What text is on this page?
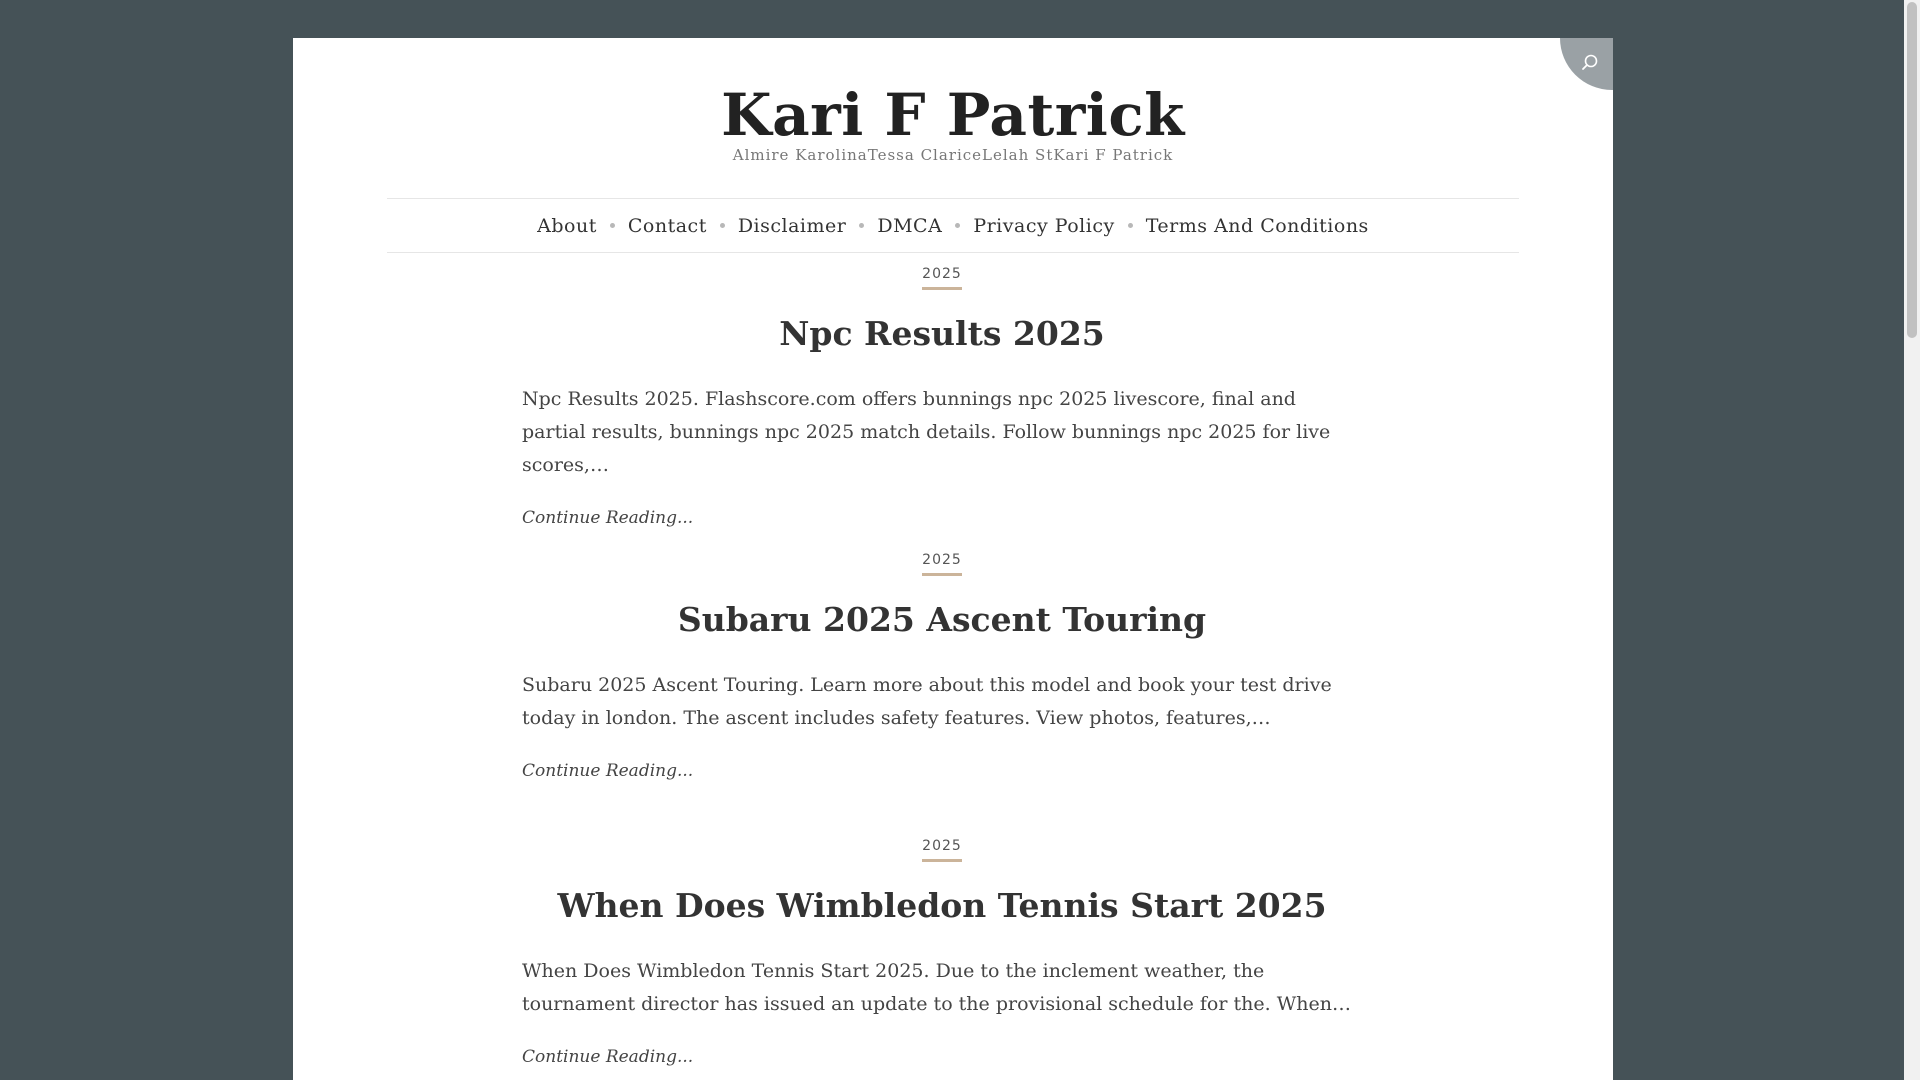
Kari F Patrick
Almire KarolinaTessa ClariceLelah StKari F Patrick
About Contact Disclaimer DMCA Privacy Policy Terms And Conditions
2025
Npc Results 2025

Npc Results 2025. Flashscore.com offers bunnings npc 2025 livescore, final and partial results, bunnings npc 2025 match details. Follow bunnings npc 2025 for live scores,…

Continue Reading...
2025
Subaru 2025 Ascent Touring

Subaru 2025 Ascent Touring. Learn more about this model and book your test drive today in london. The ascent includes safety features. View photos, features,…

Continue Reading...
2025
When Does Wimbledon Tennis Start 2025

When Does Wimbledon Tennis Start 2025. Due to the inclement weather, the tournament director has issued an update to the provisional schedule for the. When…

Continue Reading...
